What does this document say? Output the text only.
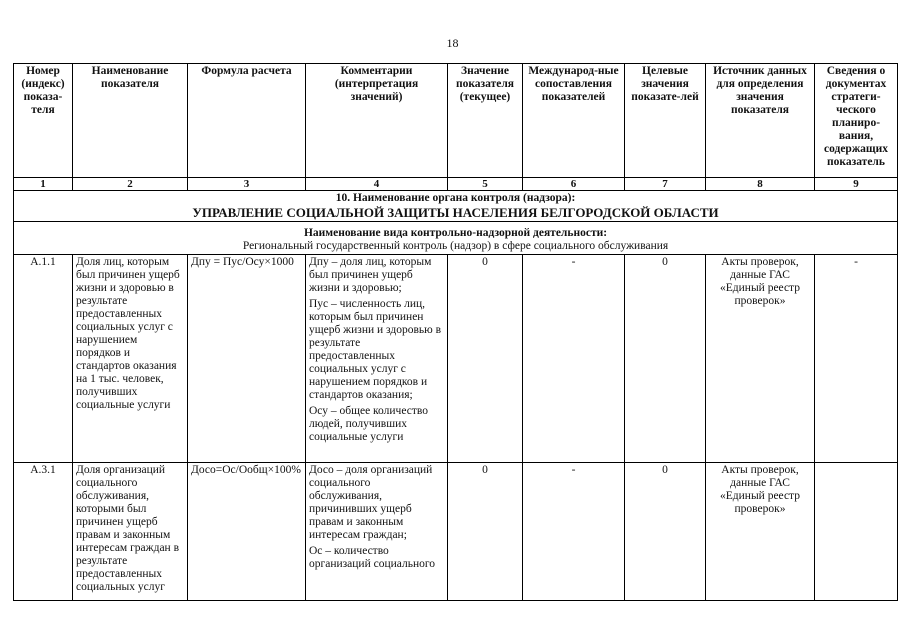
18
Номер (индекс) показа-теля	Наименование показателя	Формула расчета	Комментарии (интерпретация значений)	Значение показателя (текущее)	Международ-ные сопоставления показателей	Целевые значения показате-лей	Источник данных для определения значения показателя	Сведения о документах стратеги-ческого планиро-вания, содержащих показатель
1	2	3	4	5	6	7	8	9

10. Наименование органа контроля (надзора):
УПРАВЛЕНИЕ СОЦИАЛЬНОЙ ЗАЩИТЫ НАСЕЛЕНИЯ БЕЛГОРОДСКОЙ ОБЛАСТИ								

Наименование вида контрольно-надзорной деятельности:
Региональный государственный контроль (надзор) в сфере социального обслуживания								

А.1.1	Доля лиц, которым был причинен ущерб жизни и здоровью в результате предоставленных социальных услуг с нарушением порядков и стандартов оказания на 1 тыс. человек, получивших социальные услуги	Дпу = Пус/Осу×1000	Дпу – доля лиц, которым был причинен ущерб жизни и здоровью;
Пус – численность лиц, которым был причинен ущерб жизни и здоровью в результате предоставленных социальных услуг с нарушением порядков и стандартов оказания;
Осу – общее количество людей, получивших социальные услуги	0	-	0	Акты проверок, данные ГАС «Единый реестр проверок»	-
А.3.1	Доля организаций социального обслуживания, которыми был причинен ущерб правам и законным интересам граждан в результате предоставленных социальных услуг	Досо=Ос/Ообщ×100%	Досо – доля организаций социального обслуживания, причинивших ущерб правам и законным интересам граждан;
Ос – количество организаций социального	0	-	0	Акты проверок, данные ГАС «Единый реестр проверок»	
